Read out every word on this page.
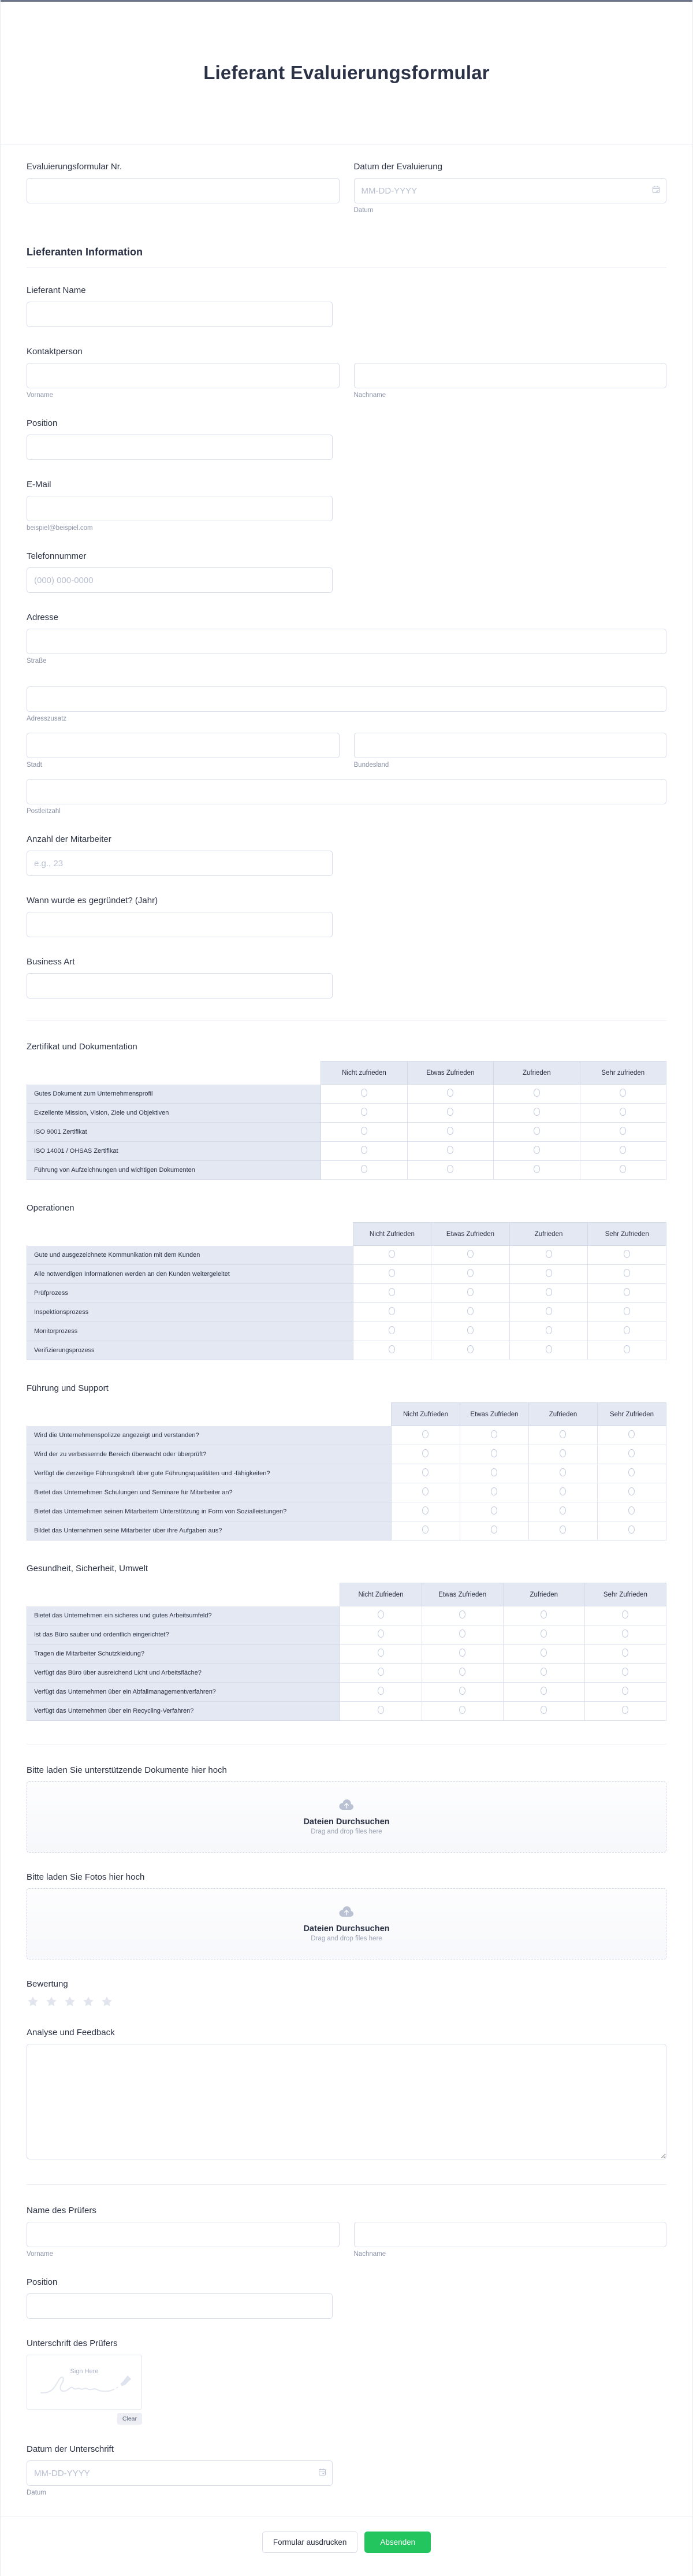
Lieferant Evaluierungsformular
Evaluierungsformular Nr.	Datum der Evaluierung
MM-DD-YYYY
Datum
Lieferanten Information
Lieferant Name
Kontaktperson
Vorname	Nachname
Position
E-Mail
beispiel@beispiel.com
Telefonnummer
(000) 000-0000
Adresse
Straße
Adresszusatz
Stadt	Bundesland
Postleitzahl
Anzahl der Mitarbeiter
e.g., 23
Wann wurde es gegründet? (Jahr)
Business Art
Zertifikat und Dokumentation
	Nicht zufrieden	Etwas Zufrieden	Zufrieden	Sehr zufrieden
Gutes Dokument zum Unternehmensprofil				
Exzellente Mission, Vision, Ziele und Objektiven				
ISO 9001 Zertifikat				
ISO 14001 / OHSAS Zertifikat				
Führung von Aufzeichnungen und wichtigen Dokumenten				
Operationen
	Nicht Zufrieden	Etwas Zufrieden	Zufrieden	Sehr Zufrieden
Gute und ausgezeichnete Kommunikation mit dem Kunden				
Alle notwendigen Informationen werden an den Kunden weitergeleitet				
Prüfprozess				
Inspektionsprozess				
Monitorprozess				
Verifizierungsprozess				
Führung und Support
	Nicht Zufrieden	Etwas Zufrieden	Zufrieden	Sehr Zufrieden
Wird die Unternehmenspolizze angezeigt und verstanden?				
Wird der zu verbessernde Bereich überwacht oder überprüft?				
Verfügt die derzeitige Führungskraft über gute Führungsqualitäten und -fähigkeiten?				
Bietet das Unternehmen Schulungen und Seminare für Mitarbeiter an?				
Bietet das Unternehmen seinen Mitarbeitern Unterstützung in Form von Sozialleistungen?				
Bildet das Unternehmen seine Mitarbeiter über ihre Aufgaben aus?				
Gesundheit, Sicherheit, Umwelt
	Nicht Zufrieden	Etwas Zufrieden	Zufrieden	Sehr Zufrieden
Bietet das Unternehmen ein sicheres und gutes Arbeitsumfeld?				
Ist das Büro sauber und ordentlich eingerichtet?				
Tragen die Mitarbeiter Schutzkleidung?				
Verfügt das Büro über ausreichend Licht und Arbeitsfläche?				
Verfügt das Unternehmen über ein Abfallmanagementverfahren?				
Verfügt das Unternehmen über ein Recycling-Verfahren?				
Bitte laden Sie unterstützende Dokumente hier hoch
Dateien Durchsuchen
Drag and drop files here
Bitte laden Sie Fotos hier hoch
Dateien Durchsuchen
Drag and drop files here
Bewertung
Analyse und Feedback
Name des Prüfers
Vorname	Nachname
Position
Unterschrift des Prüfers
Sign Here
Clear
Datum der Unterschrift
MM-DD-YYYY
Datum
Formular ausdrucken	Absenden
